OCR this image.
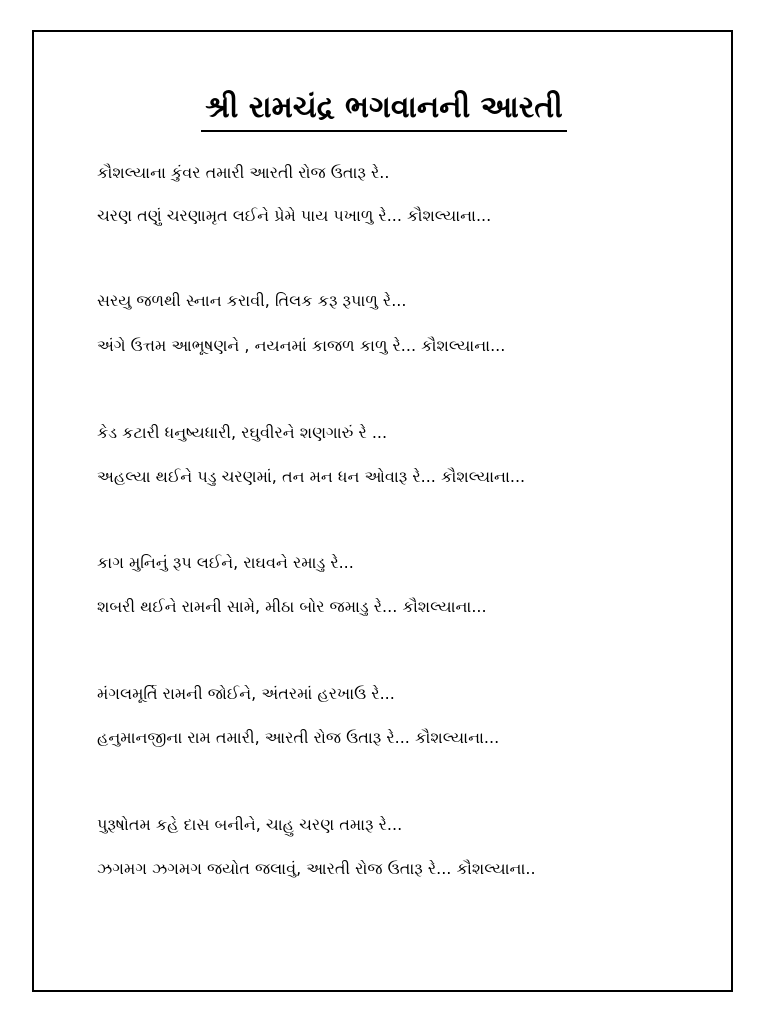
શ્રી રામચંદ્ર ભગવાનની આરતી
કૌશલ્યાના કુંવર તમારી આરતી રોજ ઉતારૂ રે..
ચરણ તણું ચરણામૃત લઈને પ્રેમે પાય પખાળુ રે... કૌશલ્યાના...
સરયુ જળથી સ્નાન કરાવી, તિલક કરૂ રૂપાળુ રે...
અંગે ઉત્તમ આભૂષણને , નયનમાં કાજળ કાળુ રે... કૌશલ્યાના...
કેડ કટારી ધનુષ્યધારી, રઘુવીરને શણગારું રે ...
અહલ્યા થઈને પડુ ચરણમાં, તન મન ધન ઓવારૂ રે... કૌશલ્યાના...
કાગ મુનિનું રૂપ લઈને, રાઘવને રમાડુ રે...
શબરી થઈને રામની સામે, મીઠા બોર જમાડુ રે... કૌશલ્યાના...
મંગલમૂર્તિ રામની જોઈને, અંતરમાં હરખાઉ રે...
હનુમાનજીના રામ તમારી, આરતી રોજ ઉતારૂ રે... કૌશલ્યાના...
પુરૂષોતમ કહે દાસ બનીને, ચાહુ ચરણ તમારૂ રે...
ઝગમગ ઝગમગ જયોત જલાવું, આરતી રોજ ઉતારૂ રે... કૌશલ્યાના..
